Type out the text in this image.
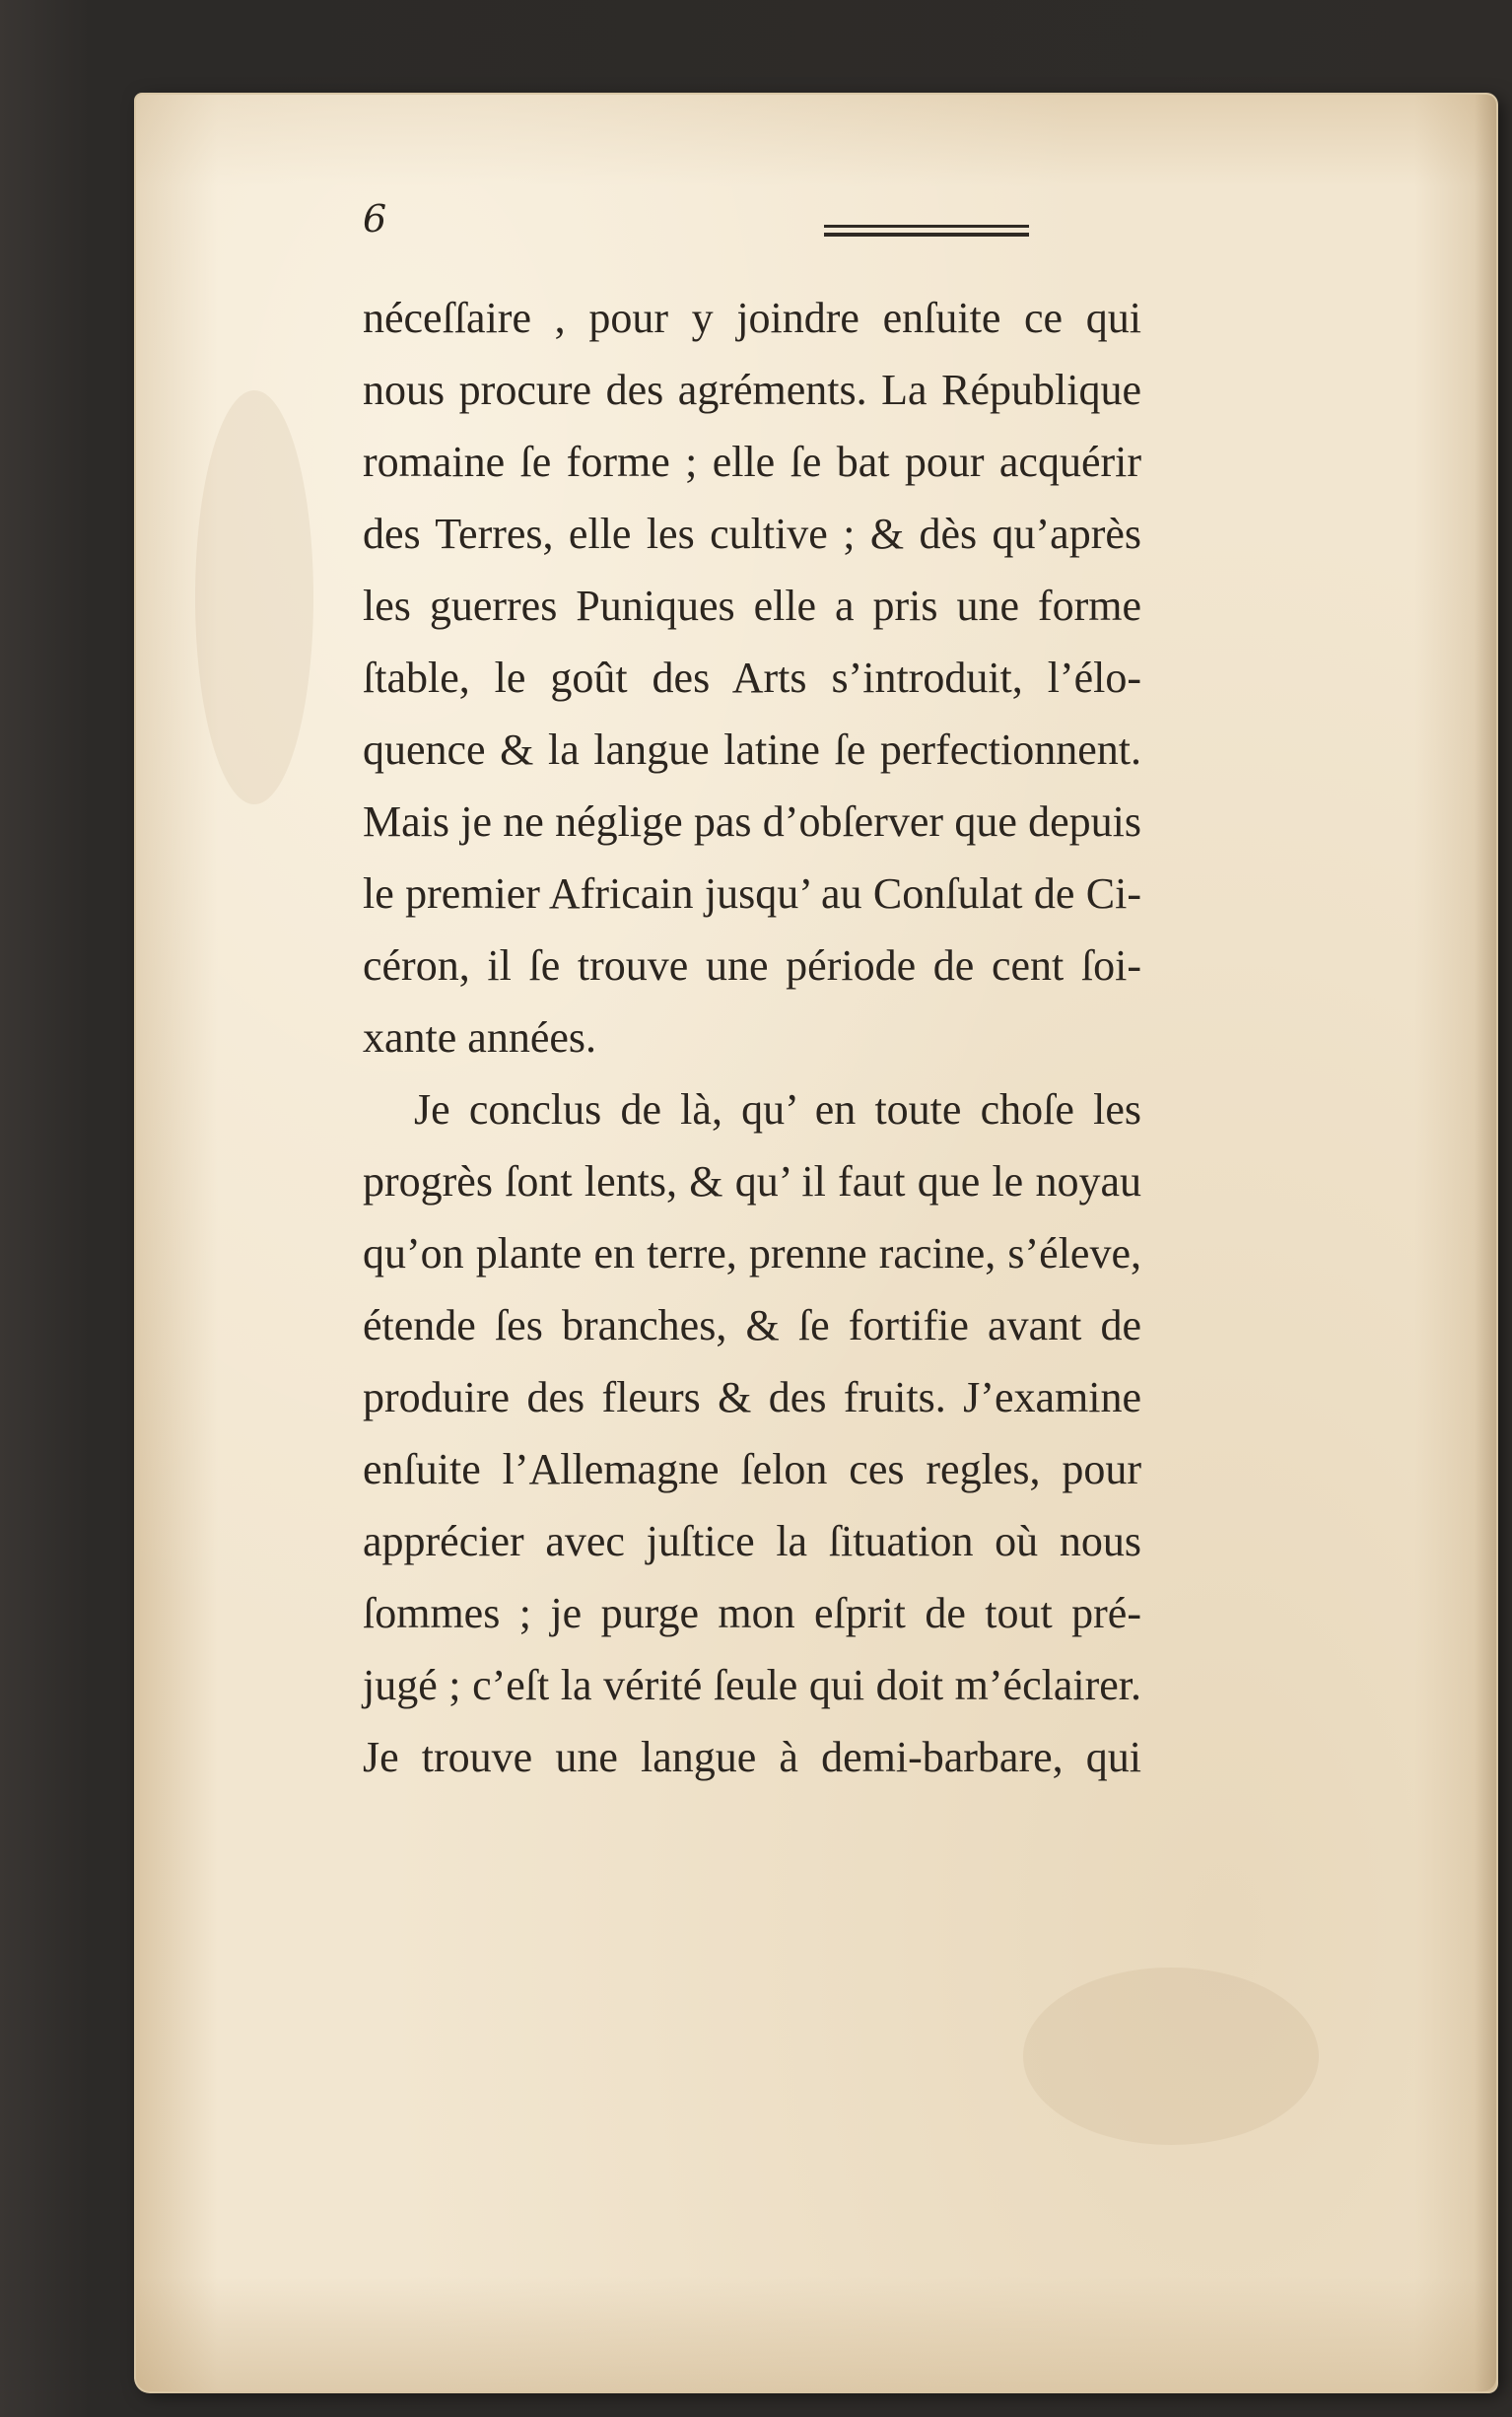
6
néceſſaire , pour y joindre enſuite ce qui
nous procure des agréments. La République
romaine ſe forme ; elle ſe bat pour acquérir
des Terres, elle les cultive ; & dès qu’après
les guerres Puniques elle a pris une forme
ſtable, le goût des Arts s’introduit, l’élo-
quence & la langue latine ſe perfectionnent.
Mais je ne néglige pas d’obſerver que depuis
le premier Africain jusqu’ au Conſulat de Ci-
céron, il ſe trouve une période de cent ſoi-
xante années.
Je conclus de là, qu’ en toute choſe les
progrès ſont lents, & qu’ il faut que le noyau
qu’on plante en terre, prenne racine, s’éleve,
étende ſes branches, & ſe fortifie avant de
produire des fleurs & des fruits. J’examine
enſuite l’Allemagne ſelon ces regles, pour
apprécier avec juſtice la ſituation où nous
ſommes ; je purge mon eſprit de tout pré-
jugé ; c’eſt la vérité ſeule qui doit m’éclairer.
Je trouve une langue à demi-barbare, qui
